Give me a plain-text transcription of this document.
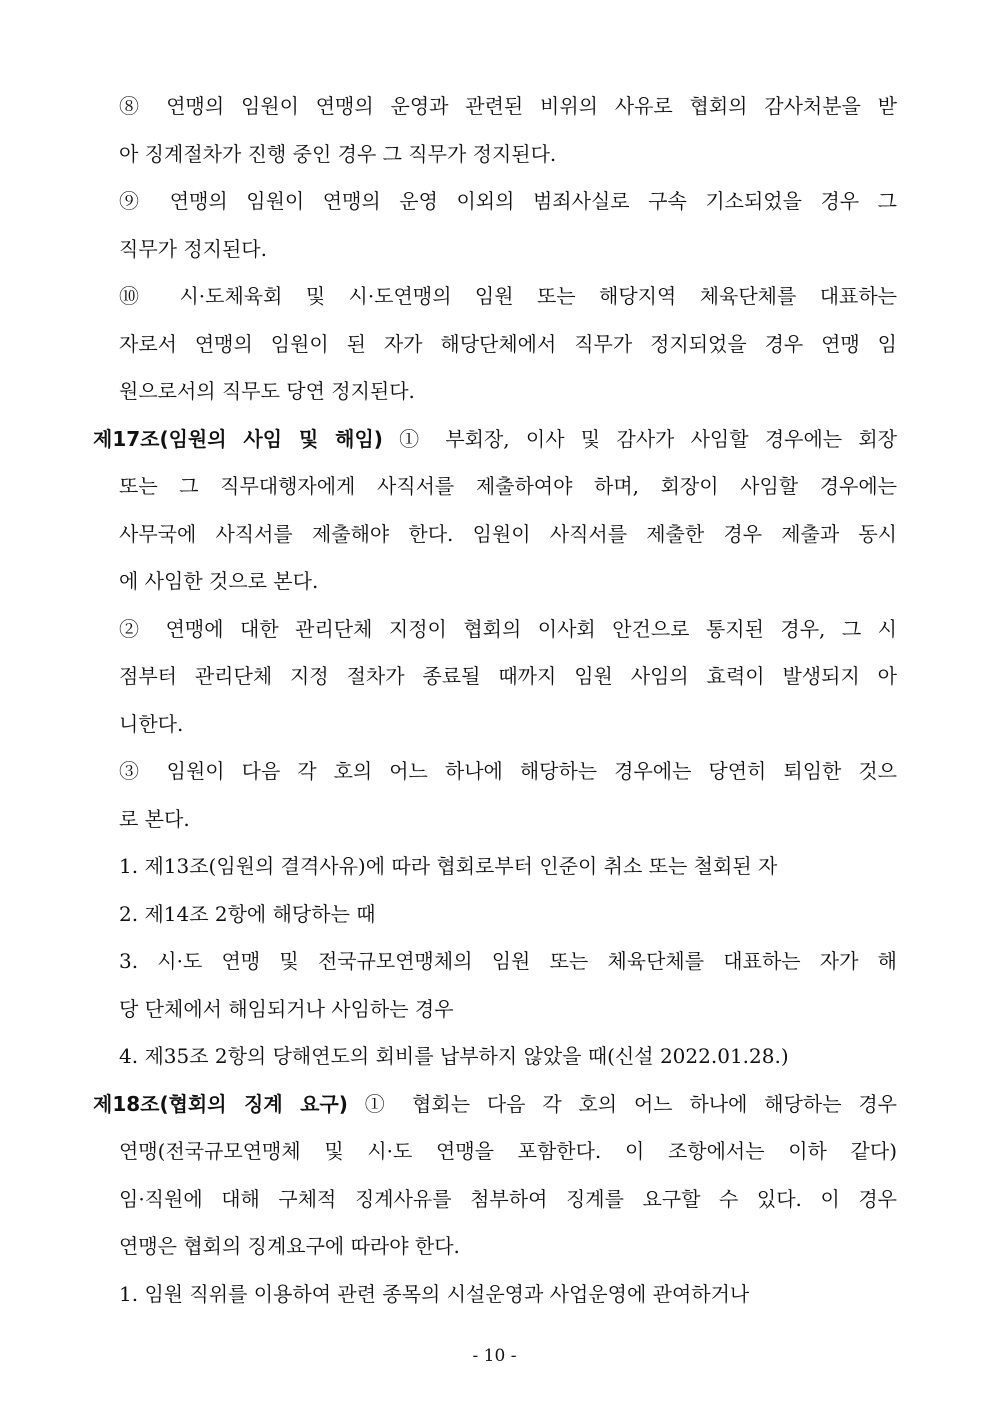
⑧ 연맹의 임원이 연맹의 운영과 관련된 비위의 사유로 협회의 감사처분을 받
아 징계절차가 진행 중인 경우 그 직무가 정지된다.
⑨ 연맹의 임원이 연맹의 운영 이외의 범죄사실로 구속 기소되었을 경우 그
직무가 정지된다.
⑩ 시·도체육회 및 시·도연맹의 임원 또는 해당지역 체육단체를 대표하는
자로서 연맹의 임원이 된 자가 해당단체에서 직무가 정지되었을 경우 연맹 임
원으로서의 직무도 당연 정지된다.
제17조(임원의 사임 및 해임) ① 부회장, 이사 및 감사가 사임할 경우에는 회장
또는 그 직무대행자에게 사직서를 제출하여야 하며, 회장이 사임할 경우에는
사무국에 사직서를 제출해야 한다. 임원이 사직서를 제출한 경우 제출과 동시
에 사임한 것으로 본다.
② 연맹에 대한 관리단체 지정이 협회의 이사회 안건으로 통지된 경우, 그 시
점부터 관리단체 지정 절차가 종료될 때까지 임원 사임의 효력이 발생되지 아
니한다.
③ 임원이 다음 각 호의 어느 하나에 해당하는 경우에는 당연히 퇴임한 것으
로 본다.
1. 제13조(임원의 결격사유)에 따라 협회로부터 인준이 취소 또는 철회된 자
2. 제14조 2항에 해당하는 때
3. 시·도 연맹 및 전국규모연맹체의 임원 또는 체육단체를 대표하는 자가 해
당 단체에서 해임되거나 사임하는 경우
4. 제35조 2항의 당해연도의 회비를 납부하지 않았을 때(신설 2022.01.28.)
제18조(협회의 징계 요구) ① 협회는 다음 각 호의 어느 하나에 해당하는 경우
연맹(전국규모연맹체 및 시·도 연맹을 포함한다. 이 조항에서는 이하 같다)
임·직원에 대해 구체적 징계사유를 첨부하여 징계를 요구할 수 있다. 이 경우
연맹은 협회의 징계요구에 따라야 한다.
1. 임원 직위를 이용하여 관련 종목의 시설운영과 사업운영에 관여하거나
- 10 -
